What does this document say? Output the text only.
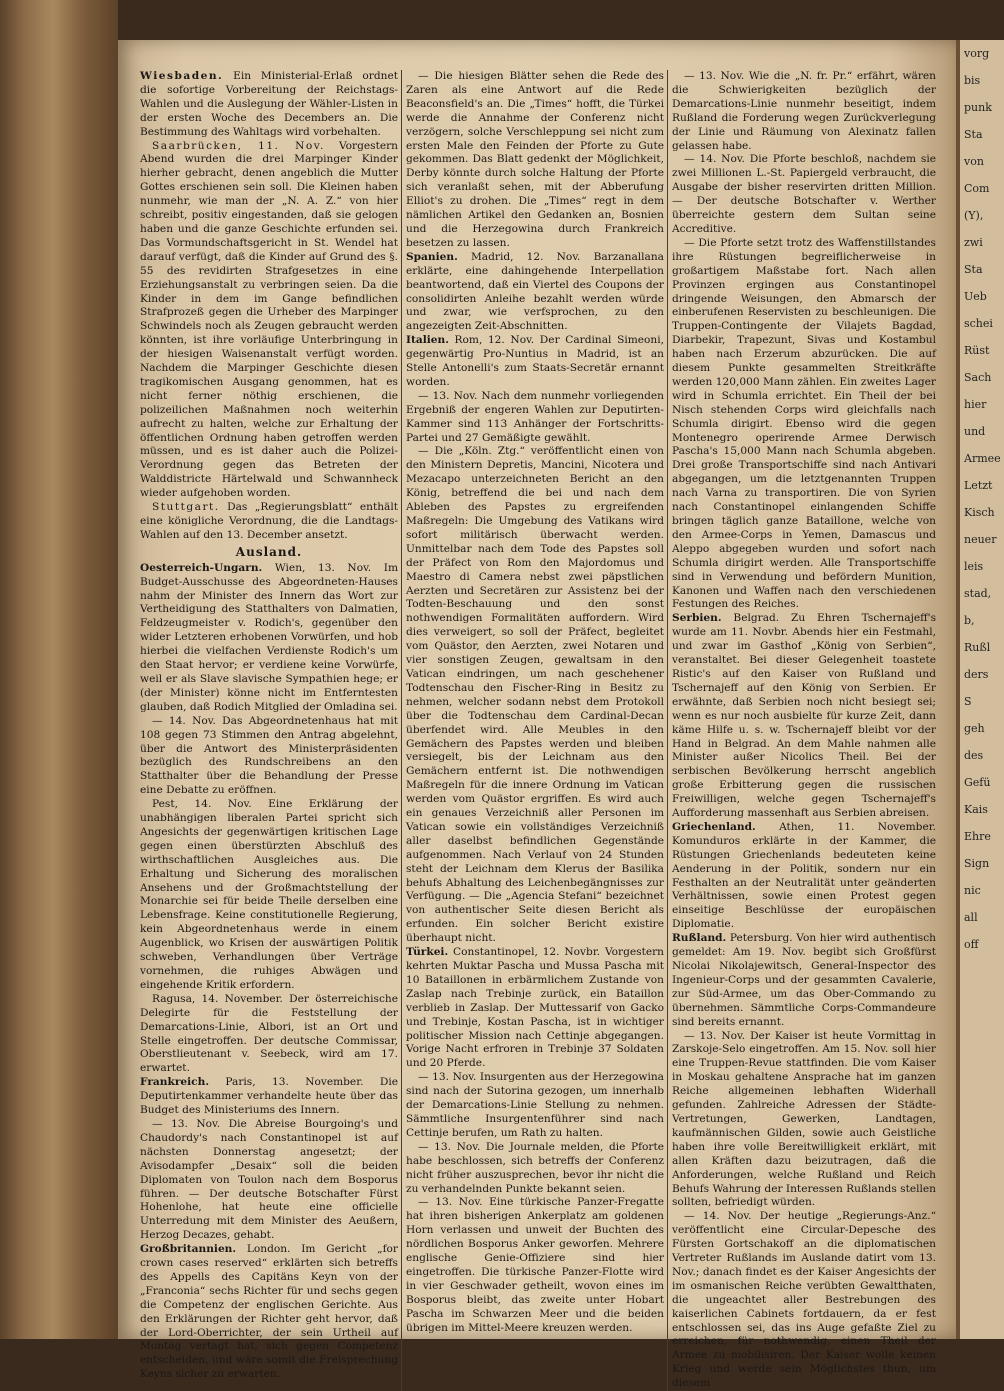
Wiesbaden. Ein Ministerial-Erlaß ordnet die sofortige Vorbereitung der Reichstags-Wahlen und die Auslegung der Wähler-Listen in der ersten Woche des Decembers an. Die Bestimmung des Wahltags wird vorbehalten.

Saarbrücken, 11. Nov. Vorgestern Abend wurden die drei Marpinger Kinder hierher gebracht, denen angeblich die Mutter Gottes erschienen sein soll. Die Kleinen haben nunmehr, wie man der „N. A. Z.“ von hier schreibt, positiv eingestanden, daß sie gelogen haben und die ganze Geschichte erfunden sei. Das Vormundschaftsgericht in St. Wendel hat darauf verfügt, daß die Kinder auf Grund des §. 55 des revidirten Strafgesetzes in eine Erziehungsanstalt zu verbringen seien. Da die Kinder in dem im Gange befindlichen Strafprozeß gegen die Urheber des Marpinger Schwindels noch als Zeugen gebraucht werden könnten, ist ihre vorläufige Unterbringung in der hiesigen Waisenanstalt verfügt worden. Nachdem die Marpinger Geschichte diesen tragikomischen Ausgang genommen, hat es nicht ferner nöthig erschienen, die polizeilichen Maßnahmen noch weiterhin aufrecht zu halten, welche zur Erhaltung der öffentlichen Ordnung haben getroffen werden müssen, und es ist daher auch die Polizei-Verordnung gegen das Betreten der Walddistricte Härtelwald und Schwannheck wieder aufgehoben worden.

Stuttgart. Das „Regierungsblatt“ enthält eine königliche Verordnung, die die Landtags-Wahlen auf den 13. December ansetzt.

Ausland.

Oesterreich-Ungarn. Wien, 13. Nov. Im Budget-Ausschusse des Abgeordneten-Hauses nahm der Minister des Innern das Wort zur Vertheidigung des Statthalters von Dalmatien, Feldzeugmeister v. Rodich's, gegenüber den wider Letzteren erhobenen Vorwürfen, und hob hierbei die vielfachen Verdienste Rodich's um den Staat hervor; er verdiene keine Vorwürfe, weil er als Slave slavische Sympathien hege; er (der Minister) könne nicht im Entferntesten glauben, daß Rodich Mitglied der Omladina sei.

— 14. Nov. Das Abgeordnetenhaus hat mit 108 gegen 73 Stimmen den Antrag abgelehnt, über die Antwort des Ministerpräsidenten bezüglich des Rundschreibens an den Statthalter über die Behandlung der Presse eine Debatte zu eröffnen.

Pest, 14. Nov. Eine Erklärung der unabhängigen liberalen Partei spricht sich Angesichts der gegenwärtigen kritischen Lage gegen einen überstürzten Abschluß des wirthschaftlichen Ausgleiches aus. Die Erhaltung und Sicherung des moralischen Ansehens und der Großmachtstellung der Monarchie sei für beide Theile derselben eine Lebensfrage. Keine constitutionelle Regierung, kein Abgeordnetenhaus werde in einem Augenblick, wo Krisen der auswärtigen Politik schweben, Verhandlungen über Verträge vornehmen, die ruhiges Abwägen und eingehende Kritik erfordern.

Ragusa, 14. November. Der österreichische Delegirte für die Feststellung der Demarcations-Linie, Albori, ist an Ort und Stelle eingetroffen. Der deutsche Commissar, Oberstlieutenant v. Seebeck, wird am 17. erwartet.

Frankreich. Paris, 13. November. Die Deputirtenkammer verhandelte heute über das Budget des Ministeriums des Innern.

— 13. Nov. Die Abreise Bourgoing's und Chaudordy's nach Constantinopel ist auf nächsten Donnerstag angesetzt; der Avisodampfer „Desaix“ soll die beiden Diplomaten von Toulon nach dem Bosporus führen. — Der deutsche Botschafter Fürst Hohenlohe, hat heute eine officielle Unterredung mit dem Minister des Aeußern, Herzog Decazes, gehabt.

Großbritannien. London. Im Gericht „for crown cases reserved“ erklärten sich betreffs des Appells des Capitäns Keyn von der „Franconia“ sechs Richter für und sechs gegen die Competenz der englischen Gerichte. Aus den Erklärungen der Richter geht hervor, daß der Lord-Oberrichter, der sein Urtheil auf Montag vertagt hat, sich gegen Competenz entscheiden, und wäre somit die Freisprechung Keyns sicher zu erwarten.

— Die hiesigen Blätter sehen die Rede des Zaren als eine Antwort auf die Rede Beaconsfield's an. Die „Times“ hofft, die Türkei werde die Annahme der Conferenz nicht verzögern, solche Verschleppung sei nicht zum ersten Male den Feinden der Pforte zu Gute gekommen. Das Blatt gedenkt der Möglichkeit, Derby könnte durch solche Haltung der Pforte sich veranlaßt sehen, mit der Abberufung Elliot's zu drohen. Die „Times“ regt in dem nämlichen Artikel den Gedanken an, Bosnien und die Herzegowina durch Frankreich besetzen zu lassen.

Spanien. Madrid, 12. Nov. Barzanallana erklärte, eine dahingehende Interpellation beantwortend, daß ein Viertel des Coupons der consolidirten Anleihe bezahlt werden würde und zwar, wie verfsprochen, zu den angezeigten Zeit-Abschnitten.

Italien. Rom, 12. Nov. Der Cardinal Simeoni, gegenwärtig Pro-Nuntius in Madrid, ist an Stelle Antonelli's zum Staats-Secretär ernannt worden.

— 13. Nov. Nach dem nunmehr vorliegenden Ergebniß der engeren Wahlen zur Deputirten-Kammer sind 113 Anhänger der Fortschritts-Partei und 27 Gemäßigte gewählt.

— Die „Köln. Ztg.“ veröffentlicht einen von den Ministern Depretis, Mancini, Nicotera und Mezacapo unterzeichneten Bericht an den König, betreffend die bei und nach dem Ableben des Papstes zu ergreifenden Maßregeln: Die Umgebung des Vatikans wird sofort militärisch überwacht werden. Unmittelbar nach dem Tode des Papstes soll der Präfect von Rom den Majordomus und Maestro di Camera nebst zwei päpstlichen Aerzten und Secretären zur Assistenz bei der Todten-Beschauung und den sonst nothwendigen Formalitäten auffordern. Wird dies verweigert, so soll der Präfect, begleitet vom Quästor, den Aerzten, zwei Notaren und vier sonstigen Zeugen, gewaltsam in den Vatican eindringen, um nach geschehener Todtenschau den Fischer-Ring in Besitz zu nehmen, welcher sodann nebst dem Protokoll über die Todtenschau dem Cardinal-Decan überfendet wird. Alle Meubles in den Gemächern des Papstes werden und bleiben versiegelt, bis der Leichnam aus den Gemächern entfernt ist. Die nothwendigen Maßregeln für die innere Ordnung im Vatican werden vom Quästor ergriffen. Es wird auch ein genaues Verzeichniß aller Personen im Vatican sowie ein vollständiges Verzeichniß aller daselbst befindlichen Gegenstände aufgenommen. Nach Verlauf von 24 Stunden steht der Leichnam dem Klerus der Basilika behufs Abhaltung des Leichenbegängnisses zur Verfügung. — Die „Agencia Stefani“ bezeichnet von authentischer Seite diesen Bericht als erfunden. Ein solcher Bericht existire überhaupt nicht.

Türkei. Constantinopel, 12. Novbr. Vorgestern kehrten Muktar Pascha und Mussa Pascha mit 10 Bataillonen in erbärmlichem Zustande von Zaslap nach Trebinje zurück, ein Bataillon verblieb in Zaslap. Der Muttessarif von Gacko und Trebinje, Kostan Pascha, ist in wichtiger politischer Mission nach Cettinje abgegangen. Vorige Nacht erfroren in Trebinje 37 Soldaten und 20 Pferde.

— 13. Nov. Insurgenten aus der Herzegowina sind nach der Sutorina gezogen, um innerhalb der Demarcations-Linie Stellung zu nehmen. Sämmtliche Insurgentenführer sind nach Cettinje berufen, um Rath zu halten.

— 13. Nov. Die Journale melden, die Pforte habe beschlossen, sich betreffs der Conferenz nicht früher auszusprechen, bevor ihr nicht die zu verhandelnden Punkte bekannt seien.

— 13. Nov. Eine türkische Panzer-Fregatte hat ihren bisherigen Ankerplatz am goldenen Horn verlassen und unweit der Buchten des nördlichen Bosporus Anker geworfen. Mehrere englische Genie-Offiziere sind hier eingetroffen. Die türkische Panzer-Flotte wird in vier Geschwader getheilt, wovon eines im Bosporus bleibt, das zweite unter Hobart Pascha im Schwarzen Meer und die beiden übrigen im Mittel-Meere kreuzen werden.

— 13. Nov. Wie die „N. fr. Pr.“ erfährt, wären die Schwierigkeiten bezüglich der Demarcations-Linie nunmehr beseitigt, indem Rußland die Forderung wegen Zurückverlegung der Linie und Räumung von Alexinatz fallen gelassen habe.

— 14. Nov. Die Pforte beschloß, nachdem sie zwei Millionen L.-St. Papiergeld verbraucht, die Ausgabe der bisher reservirten dritten Million. — Der deutsche Botschafter v. Werther überreichte gestern dem Sultan seine Accreditive.

— Die Pforte setzt trotz des Waffenstillstandes ihre Rüstungen begreiflicherweise in großartigem Maßstabe fort. Nach allen Provinzen ergingen aus Constantinopel dringende Weisungen, den Abmarsch der einberufenen Reservisten zu beschleunigen. Die Truppen-Contingente der Vilajets Bagdad, Diarbekir, Trapezunt, Sivas und Kostambul haben nach Erzerum abzurücken. Die auf diesem Punkte gesammelten Streitkräfte werden 120,000 Mann zählen. Ein zweites Lager wird in Schumla errichtet. Ein Theil der bei Nisch stehenden Corps wird gleichfalls nach Schumla dirigirt. Ebenso wird die gegen Montenegro operirende Armee Derwisch Pascha's 15,000 Mann nach Schumla abgeben. Drei große Transportschiffe sind nach Antivari abgegangen, um die letztgenannten Truppen nach Varna zu transportiren. Die von Syrien nach Constantinopel einlangenden Schiffe bringen täglich ganze Bataillone, welche von den Armee-Corps in Yemen, Damascus und Aleppo abgegeben wurden und sofort nach Schumla dirigirt werden. Alle Transportschiffe sind in Verwendung und befördern Munition, Kanonen und Waffen nach den verschiedenen Festungen des Reiches.

Serbien. Belgrad. Zu Ehren Tschernajeff's wurde am 11. Novbr. Abends hier ein Festmahl, und zwar im Gasthof „König von Serbien“, veranstaltet. Bei dieser Gelegenheit toastete Ristic's auf den Kaiser von Rußland und Tschernajeff auf den König von Serbien. Er erwähnte, daß Serbien noch nicht besiegt sei; wenn es nur noch ausbielte für kurze Zeit, dann käme Hilfe u. s. w. Tschernajeff bleibt vor der Hand in Belgrad. An dem Mahle nahmen alle Minister außer Nicolics Theil. Bei der serbischen Bevölkerung herrscht angeblich große Erbitterung gegen die russischen Freiwilligen, welche gegen Tschernajeff's Aufforderung massenhaft aus Serbien abreisen.

Griechenland. Athen, 11. November. Komunduros erklärte in der Kammer, die Rüstungen Griechenlands bedeuteten keine Aenderung in der Politik, sondern nur ein Festhalten an der Neutralität unter geänderten Verhältnissen, sowie einen Protest gegen einseitige Beschlüsse der europäischen Diplomatie.

Rußland. Petersburg. Von hier wird authentisch gemeldet: Am 19. Nov. begibt sich Großfürst Nicolai Nikolajewitsch, General-Inspector des Ingenieur-Corps und der gesammten Cavalerie, zur Süd-Armee, um das Ober-Commando zu übernehmen. Sämmtliche Corps-Commandeure sind bereits ernannt.

— 13. Nov. Der Kaiser ist heute Vormittag in Zarskoje-Selo eingetroffen. Am 15. Nov. soll hier eine Truppen-Revue stattfinden. Die vom Kaiser in Moskau gehaltene Ansprache hat im ganzen Reiche allgemeinen lebhaften Widerhall gefunden. Zahlreiche Adressen der Städte-Vertretungen, Gewerken, Landtagen, kaufmännischen Gilden, sowie auch Geistliche haben ihre volle Bereitwilligkeit erklärt, mit allen Kräften dazu beizutragen, daß die Anforderungen, welche Rußland und Reich Behufs Wahrung der Interessen Rußlands stellen sollten, befriedigt würden.

— 14. Nov. Der heutige „Regierungs-Anz.“ veröffentlicht eine Circular-Depesche des Fürsten Gortschakoff an die diplomatischen Vertreter Rußlands im Auslande datirt vom 13. Nov.; danach findet es der Kaiser Angesichts der im osmanischen Reiche verübten Gewaltthaten, die ungeachtet aller Bestrebungen des kaiserlichen Cabinets fortdauern, da er fest entschlossen sei, das ins Auge gefaßte Ziel zu erreichen, für nothwendig, einen Theil der Armee zu mobilisiren. Der Kaiser wolle keinen Krieg und werde sein Möglichstes thun, um diesem

vorg
bis
punk
Sta
von
Com
(Y),
zwi
Sta
Ueb
schei
Rüst
Sach
hier
und
Armee
Letzt
Kisch
neuer
leis
stad,
b,
Rußl
ders
S
geh
des
Gefü
Kais
Ehre
Sign
nic
all
off
